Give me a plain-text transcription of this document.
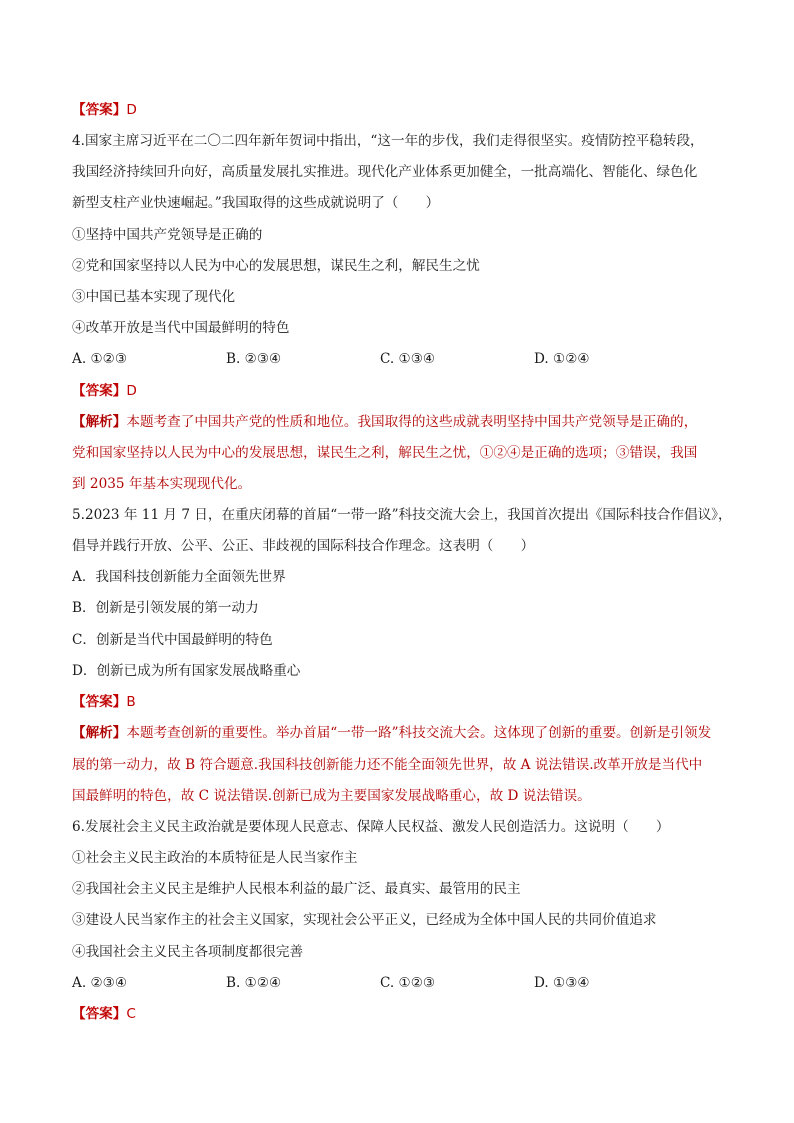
【答案】D
4.国家主席习近平在二〇二四年新年贺词中指出，“这一年的步伐，我们走得很坚实。疫情防控平稳转段，
我国经济持续回升向好，高质量发展扎实推进。现代化产业体系更加健全，一批高端化、智能化、绿色化
新型支柱产业快速崛起。”我国取得的这些成就说明了（　　）
①坚持中国共产党领导是正确的
②党和国家坚持以人民为中心的发展思想，谋民生之利，解民生之忧
③中国已基本实现了现代化
④改革开放是当代中国最鲜明的特色
A. ①②③	B. ②③④	C. ①③④	D. ①②④
【答案】D
【解析】本题考查了中国共产党的性质和地位。我国取得的这些成就表明坚持中国共产党领导是正确的，
党和国家坚持以人民为中心的发展思想，谋民生之利，解民生之忧，①②④是正确的选项；③错误，我国
到 2035 年基本实现现代化。
5.2023 年 11 月 7 日，在重庆闭幕的首届“一带一路”科技交流大会上，我国首次提出《国际科技合作倡议》，
倡导并践行开放、公平、公正、非歧视的国际科技合作理念。这表明（　　）
A．我国科技创新能力全面领先世界
B．创新是引领发展的第一动力
C．创新是当代中国最鲜明的特色
D．创新已成为所有国家发展战略重心
【答案】B
【解析】本题考查创新的重要性。举办首届“一带一路”科技交流大会。这体现了创新的重要。创新是引领发
展的第一动力，故 B 符合题意.我国科技创新能力还不能全面领先世界，故 A 说法错误.改革开放是当代中
国最鲜明的特色，故 C 说法错误.创新已成为主要国家发展战略重心，故 D 说法错误。
6.发展社会主义民主政治就是要体现人民意志、保障人民权益、激发人民创造活力。这说明（　　）
①社会主义民主政治的本质特征是人民当家作主
②我国社会主义民主是维护人民根本利益的最广泛、最真实、最管用的民主
③建设人民当家作主的社会主义国家，实现社会公平正义，已经成为全体中国人民的共同价值追求
④我国社会主义民主各项制度都很完善
A. ②③④	B. ①②④	C. ①②③	D. ①③④
【答案】C
